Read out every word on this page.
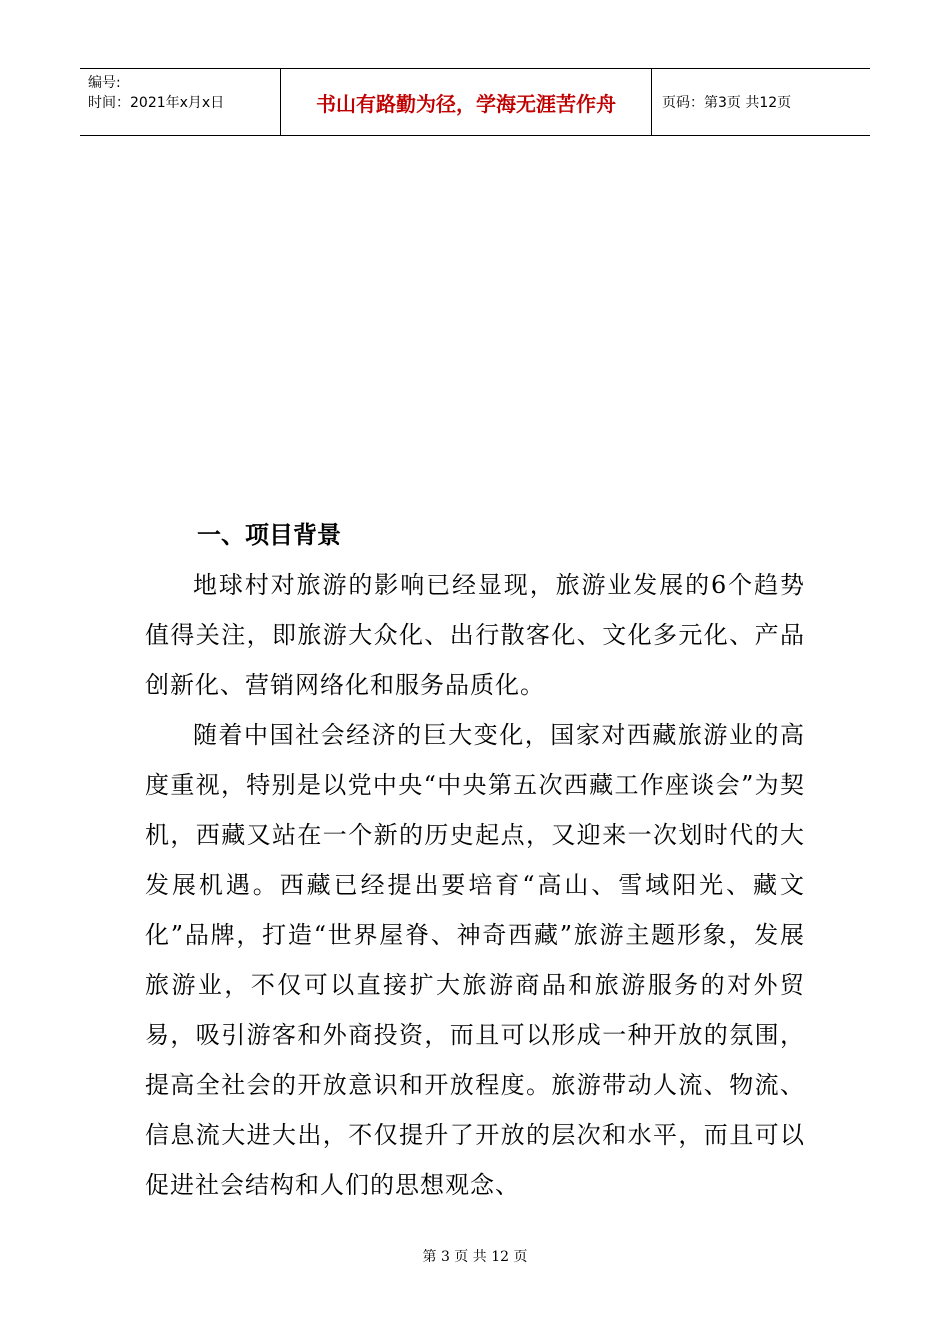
编号:
时间：2021年x月x日	书山有路勤为径，学海无涯苦作舟	页码：第3页 共12页
一、项目背景

地球村对旅游的影响已经显现，旅游业发展的6个趋势值得关注，即旅游大众化、出行散客化、文化多元化、产品创新化、营销网络化和服务品质化。

随着中国社会经济的巨大变化，国家对西藏旅游业的高度重视，特别是以党中央“中央第五次西藏工作座谈会”为契机，西藏又站在一个新的历史起点，又迎来一次划时代的大发展机遇。西藏已经提出要培育“高山、雪域阳光、藏文化”品牌，打造“世界屋脊、神奇西藏”旅游主题形象，发展旅游业，不仅可以直接扩大旅游商品和旅游服务的对外贸易，吸引游客和外商投资，而且可以形成一种开放的氛围，提高全社会的开放意识和开放程度。旅游带动人流、物流、信息流大进大出，不仅提升了开放的层次和水平，而且可以促进社会结构和人们的思想观念、

第 3 页 共 12 页
